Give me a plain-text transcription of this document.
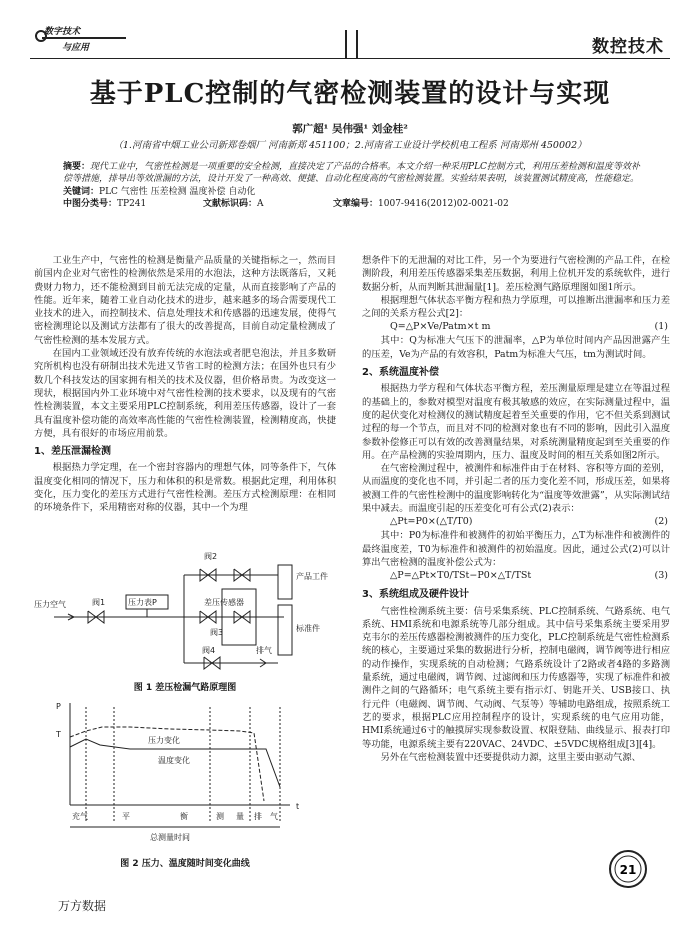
数字技术
与应用	数控技术
基于PLC控制的气密检测装置的设计与实现
郭广超¹ 吴伟强¹ 刘金桂²
（1.河南省中烟工业公司新郑卷烟厂 河南新郑 451100；2.河南省工业设计学校机电工程系 河南郑州 450002）
摘要：现代工业中，气密性检测是一项重要的安全检测，直接决定了产品的合格率。本文介绍一种采用PLC控制方式，利用压差检测和温度等效补偿等措施，排导出等效泄漏的方法，设计开发了一种高效、便捷、自动化程度高的气密检测装置。实验结果表明，该装置测试精度高，性能稳定。
关键词：PLC 气密性 压差检测 温度补偿 自动化
中图分类号：TP241	文献标识码：A	文章编号：1007-9416(2012)02-0021-02

工业生产中，气密性的检测是衡量产品质量的关键指标之一，然而目前国内企业对气密性的检测依然是采用的水泡法，这种方法既落后，又耗费财力物力，还不能检测到目前无法完成的定量，从而直接影响了产品的性能。近年来，随着工业自动化技术的进步，越来越多的场合需要现代工业技术的进入，而控制技术、信息处理技术和传感器的迅速发展，使得气密检测理论以及测试方法都有了很大的改善提高，目前自动定量检测成了气密性检测的基本发展方式。

在国内工业领域还没有放弃传统的水泡法或者肥皂泡法，并且多数研究所机构也没有研制出技术先进又节省工时的检测方法；在国外也只有少数几个科技发达的国家拥有相关的技术及仪器，但价格昂贵。为改变这一现状，根据国内外工业环境中对气密性检测的技术要求，以及现有的气密性检测装置，本文主要采用PLC控制系统，利用差压传感器，设计了一套具有温度补偿功能的高效率高性能的气密性检测装置，检测精度高，快捷方便，具有很好的市场应用前景。

1、差压泄漏检测

根据热力学定理，在一个密封容器内的理想气体，同等条件下，气体温度变化相同的情况下，压力和体积的积是常数。根据此定理，利用体积变化，压力变化的差压方式进行气密性检测。差压方式检测原理：在相同的环境条件下，采用精密对称的仪器，其中一个为理

阀1	压力表P
阀2
差压传感器
阀3
阀4	排气
压力空气
产品工件
标准件
图 1 差压检漏气路原理图
P
T
t
压力变化
温度变化
充气	平	衡	测 量 排 气
总测量时间
图 2 压力、温度随时间变化曲线

想条件下的无泄漏的对比工件，另一个为要进行气密检测的产品工件，在检测阶段，利用差压传感器采集差压数据，利用上位机开发的系统软件，进行数据分析，从而判断其泄漏量[1]。差压检测气路原理图如图1所示。

根据理想气体状态平衡方程和热力学原理，可以推断出泄漏率和压力差之间的关系方程公式[2]：

Q=△P×Ve/Patm×t m	(1)

其中：Q为标准大气压下的泄漏率，△P为单位时间内产品因泄露产生的压差，Ve为产品的有效容积，Patm为标准大气压，tm为测试时间。

2、系统温度补偿

根据热力学方程和气体状态平衡方程，差压测量原理是建立在等温过程的基础上的，参数对模型对温度有极其敏感的效应，在实际测量过程中，温度的起伏变化对检测仪的测试精度起着至关重要的作用，它不但关系到测试过程的每一个节点，而且对不同的检测对象也有不同的影响，因此引入温度参数补偿修正可以有效的改善测量结果，对系统测量精度起到至关重要的作用。在产品检测的实验周期内，压力、温度及时间的相互关系如图2所示。

在气密检测过程中，被测件和标准件由于在材料、容积等方面的差别，从而温度的变化也不同，并引起二者的压力变化差不同，形成压差，如果将被测工件的气密性检测中的温度影响转化为“温度等效泄露”，从实际测试结果中减去。而温度引起的压差变化可有公式(2)表示：

△Pt=P0×(△T/T0)	(2)

其中：P0为标准件和被测件的初始平衡压力，△T为标准件和被测件的最终温度差，T0为标准件和被测件的初始温度。因此，通过公式(2)可以计算出气密检测的温度补偿公式为：

△P=△Pt×T0/TSt−P0×△T/TSt	(3)
3、系统组成及硬件设计

气密性检测系统主要：信号采集系统、PLC控制系统、气路系统、电气系统、HMI系统和电源系统等几部分组成。其中信号采集系统主要采用罗克韦尔的差压传感器检测被测件的压力变化，PLC控制系统是气密性检测系统的核心，主要通过采集的数据进行分析，控制电磁阀，调节阀等进行相应的动作操作，实现系统的自动检测；气路系统设计了2路或者4路的多路测量系统，通过电磁阀，调节阀、过滤阀和压力传感器等，实现了标准件和被测件之间的气路循环；电气系统主要有指示灯、钥匙开关、USB接口、执行元件（电磁阀、调节阀、气动阀、气泵等）等辅助电路组成，按照系统工艺的要求，根据PLC应用控制程序的设计，实现系统的电气应用功能，HMI系统通过6寸的触摸屏实现参数设置、权限登陆、曲线显示、报表打印等功能，电源系统主要有220VAC、24VDC、±5VDC规格组成[3][4]。

另外在气密检测装置中还要提供动力源，这里主要由驱动气源、

万方数据
21
